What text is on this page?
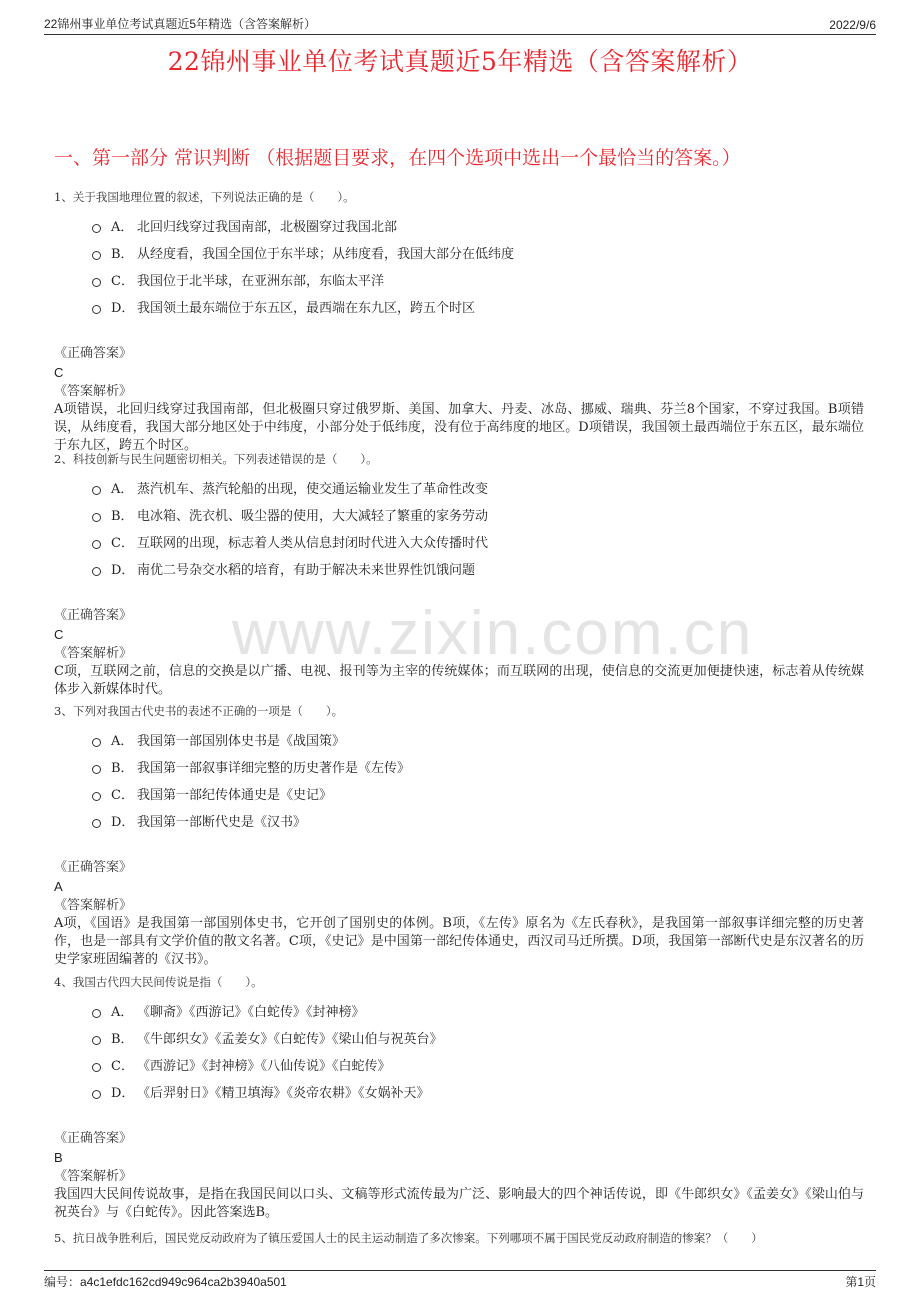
22锦州事业单位考试真题近5年精选（含答案解析）	2022/9/6
22锦州事业单位考试真题近5年精选（含答案解析）
一、第一部分 常识判断 （根据题目要求，在四个选项中选出一个最恰当的答案。）
www.zixin.com.cn

1、关于我国地理位置的叙述，下列说法正确的是（　　）。

A． 北回归线穿过我国南部，北极圈穿过我国北部
B． 从经度看，我国全国位于东半球；从纬度看，我国大部分在低纬度
C． 我国位于北半球，在亚洲东部，东临太平洋
D． 我国领土最东端位于东五区，最西端在东九区，跨五个时区
《正确答案》
C
《答案解析》
A项错误，北回归线穿过我国南部，但北极圈只穿过俄罗斯、美国、加拿大、丹麦、冰岛、挪威、瑞典、芬兰8个国家，不穿过我国。B项错误，从纬度看，我国大部分地区处于中纬度，小部分处于低纬度，没有位于高纬度的地区。D项错误，我国领土最西端位于东五区，最东端位于东九区，跨五个时区。

2、科技创新与民生问题密切相关。下列表述错误的是（　　）。

A． 蒸汽机车、蒸汽轮船的出现，使交通运输业发生了革命性改变
B． 电冰箱、洗衣机、吸尘器的使用，大大减轻了繁重的家务劳动
C． 互联网的出现，标志着人类从信息封闭时代进入大众传播时代
D． 南优二号杂交水稻的培育，有助于解决未来世界性饥饿问题
《正确答案》
C
《答案解析》
C项，互联网之前，信息的交换是以广播、电视、报刊等为主宰的传统媒体；而互联网的出现，使信息的交流更加便捷快速，标志着从传统媒体步入新媒体时代。

3、下列对我国古代史书的表述不正确的一项是（　　）。

A． 我国第一部国别体史书是《战国策》
B． 我国第一部叙事详细完整的历史著作是《左传》
C． 我国第一部纪传体通史是《史记》
D． 我国第一部断代史是《汉书》
《正确答案》
A
《答案解析》
A项，《国语》是我国第一部国别体史书，它开创了国别史的体例。B项，《左传》原名为《左氏春秋》，是我国第一部叙事详细完整的历史著作，也是一部具有文学价值的散文名著。C项，《史记》是中国第一部纪传体通史，西汉司马迁所撰。D项，我国第一部断代史是东汉著名的历史学家班固编著的《汉书》。

4、我国古代四大民间传说是指（　　）。

A． 《聊斋》《西游记》《白蛇传》《封神榜》
B． 《牛郎织女》《孟姜女》《白蛇传》《梁山伯与祝英台》
C． 《西游记》《封神榜》《八仙传说》《白蛇传》
D． 《后羿射日》《精卫填海》《炎帝农耕》《女娲补天》
《正确答案》
B
《答案解析》
我国四大民间传说故事，是指在我国民间以口头、文稿等形式流传最为广泛、影响最大的四个神话传说，即《牛郎织女》《孟姜女》《梁山伯与祝英台》与《白蛇传》。因此答案选B。

5、抗日战争胜利后，国民党反动政府为了镇压爱国人士的民主运动制造了多次惨案。下列哪项不属于国民党反动政府制造的惨案？（　　）

编号：a4c1efdc162cd949c964ca2b3940a501	第1页
